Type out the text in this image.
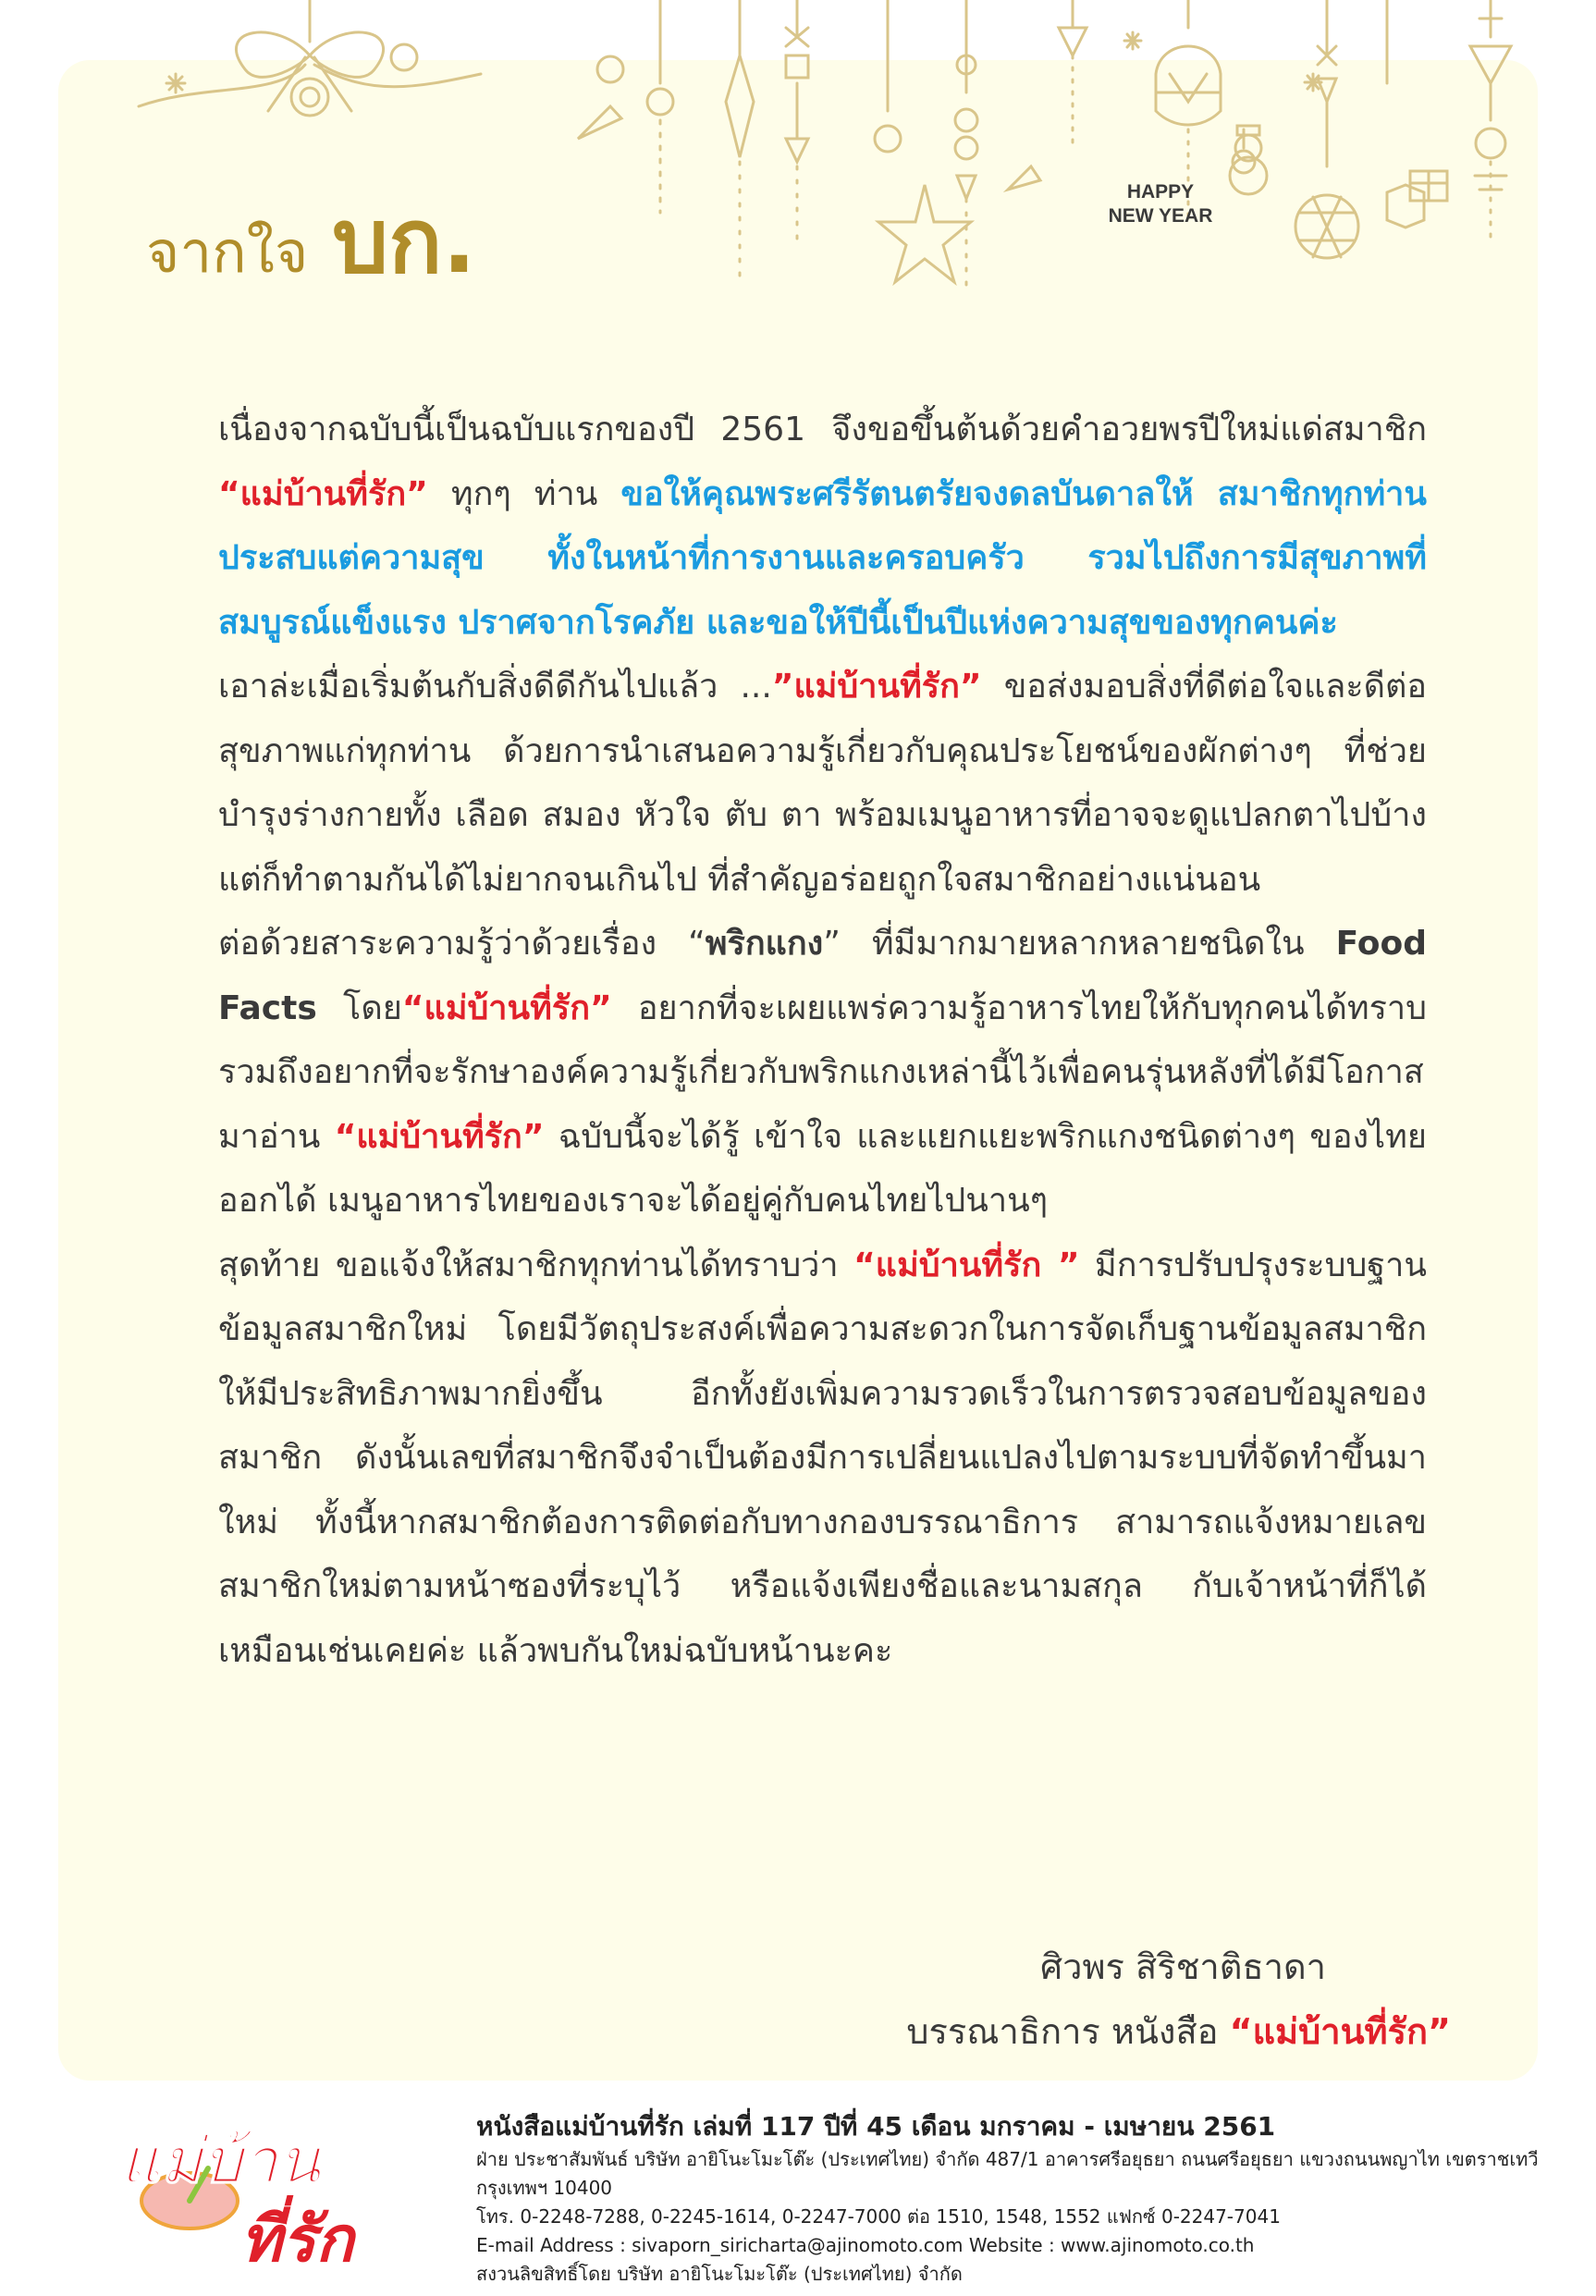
จากใจ บก.	HAPPY
NEW YEAR

เนื่องจากฉบับนี้เป็นฉบับแรกของปี 2561 จึงขอขึ้นต้นด้วยคำอวยพรปีใหม่แด่สมาชิก “แม่บ้านที่รัก” ทุกๆ ท่าน ขอให้คุณพระศรีรัตนตรัยจงดลบันดาลให้ สมาชิกทุกท่านประสบแต่ความสุข ทั้งในหน้าที่การงานและครอบครัว รวมไปถึงการมีสุขภาพที่สมบูรณ์แข็งแรง ปราศจากโรคภัย และขอให้ปีนี้เป็นปีแห่งความสุขของทุกคนค่ะ

เอาล่ะเมื่อเริ่มต้นกับสิ่งดีดีกันไปแล้ว ...”แม่บ้านที่รัก” ขอส่งมอบสิ่งที่ดีต่อใจและดีต่อสุขภาพแก่ทุกท่าน ด้วยการนำเสนอความรู้เกี่ยวกับคุณประโยชน์ของผักต่างๆ ที่ช่วยบำรุงร่างกายทั้ง เลือด สมอง หัวใจ ตับ ตา พร้อมเมนูอาหารที่อาจจะดูแปลกตาไปบ้าง แต่ก็ทำตามกันได้ไม่ยากจนเกินไป ที่สำคัญอร่อยถูกใจสมาชิกอย่างแน่นอน

ต่อด้วยสาระความรู้ว่าด้วยเรื่อง “พริกแกง” ที่มีมากมายหลากหลายชนิดใน Food Facts โดย“แม่บ้านที่รัก” อยากที่จะเผยแพร่ความรู้อาหารไทยให้กับทุกคนได้ทราบ รวมถึงอยากที่จะรักษาองค์ความรู้เกี่ยวกับพริกแกงเหล่านี้ไว้เพื่อคนรุ่นหลังที่ได้มีโอกาสมาอ่าน “แม่บ้านที่รัก” ฉบับนี้จะได้รู้ เข้าใจ และแยกแยะพริกแกงชนิดต่างๆ ของไทยออกได้ เมนูอาหารไทยของเราจะได้อยู่คู่กับคนไทยไปนานๆ

สุดท้าย ขอแจ้งให้สมาชิกทุกท่านได้ทราบว่า “แม่บ้านที่รัก ” มีการปรับปรุงระบบฐานข้อมูลสมาชิกใหม่ โดยมีวัตถุประสงค์เพื่อความสะดวกในการจัดเก็บฐานข้อมูลสมาชิกให้มีประสิทธิภาพมากยิ่งขึ้น อีกทั้งยังเพิ่มความรวดเร็วในการตรวจสอบข้อมูลของสมาชิก ดังนั้นเลขที่สมาชิกจึงจำเป็นต้องมีการเปลี่ยนแปลงไปตามระบบที่จัดทำขึ้นมาใหม่ ทั้งนี้หากสมาชิกต้องการติดต่อกับทางกองบรรณาธิการ สามารถแจ้งหมายเลขสมาชิกใหม่ตามหน้าซองที่ระบุไว้ หรือแจ้งเพียงชื่อและนามสกุล กับเจ้าหน้าที่ก็ได้เหมือนเช่นเคยค่ะ แล้วพบกันใหม่ฉบับหน้านะคะ

ศิวพร สิริชาติธาดา
บรรณาธิการ หนังสือ “แม่บ้านที่รัก”
แม่บ้าน
ที่รัก
หนังสือแม่บ้านที่รัก เล่มที่ 117 ปีที่ 45 เดือน มกราคม - เมษายน 2561
ฝ่าย ประชาสัมพันธ์ บริษัท อายิโนะโมะโต๊ะ (ประเทศไทย) จำกัด 487/1 อาคารศรีอยุธยา ถนนศรีอยุธยา แขวงถนนพญาไท เขตราชเทวี กรุงเทพฯ 10400
โทร. 0-2248-7288, 0-2245-1614, 0-2247-7000 ต่อ 1510, 1548, 1552 แฟกซ์ 0-2247-7041
E-mail Address : sivaporn_siricharta@ajinomoto.com Website : www.ajinomoto.co.th
สงวนลิขสิทธิ์โดย บริษัท อายิโนะโมะโต๊ะ (ประเทศไทย) จำกัด
